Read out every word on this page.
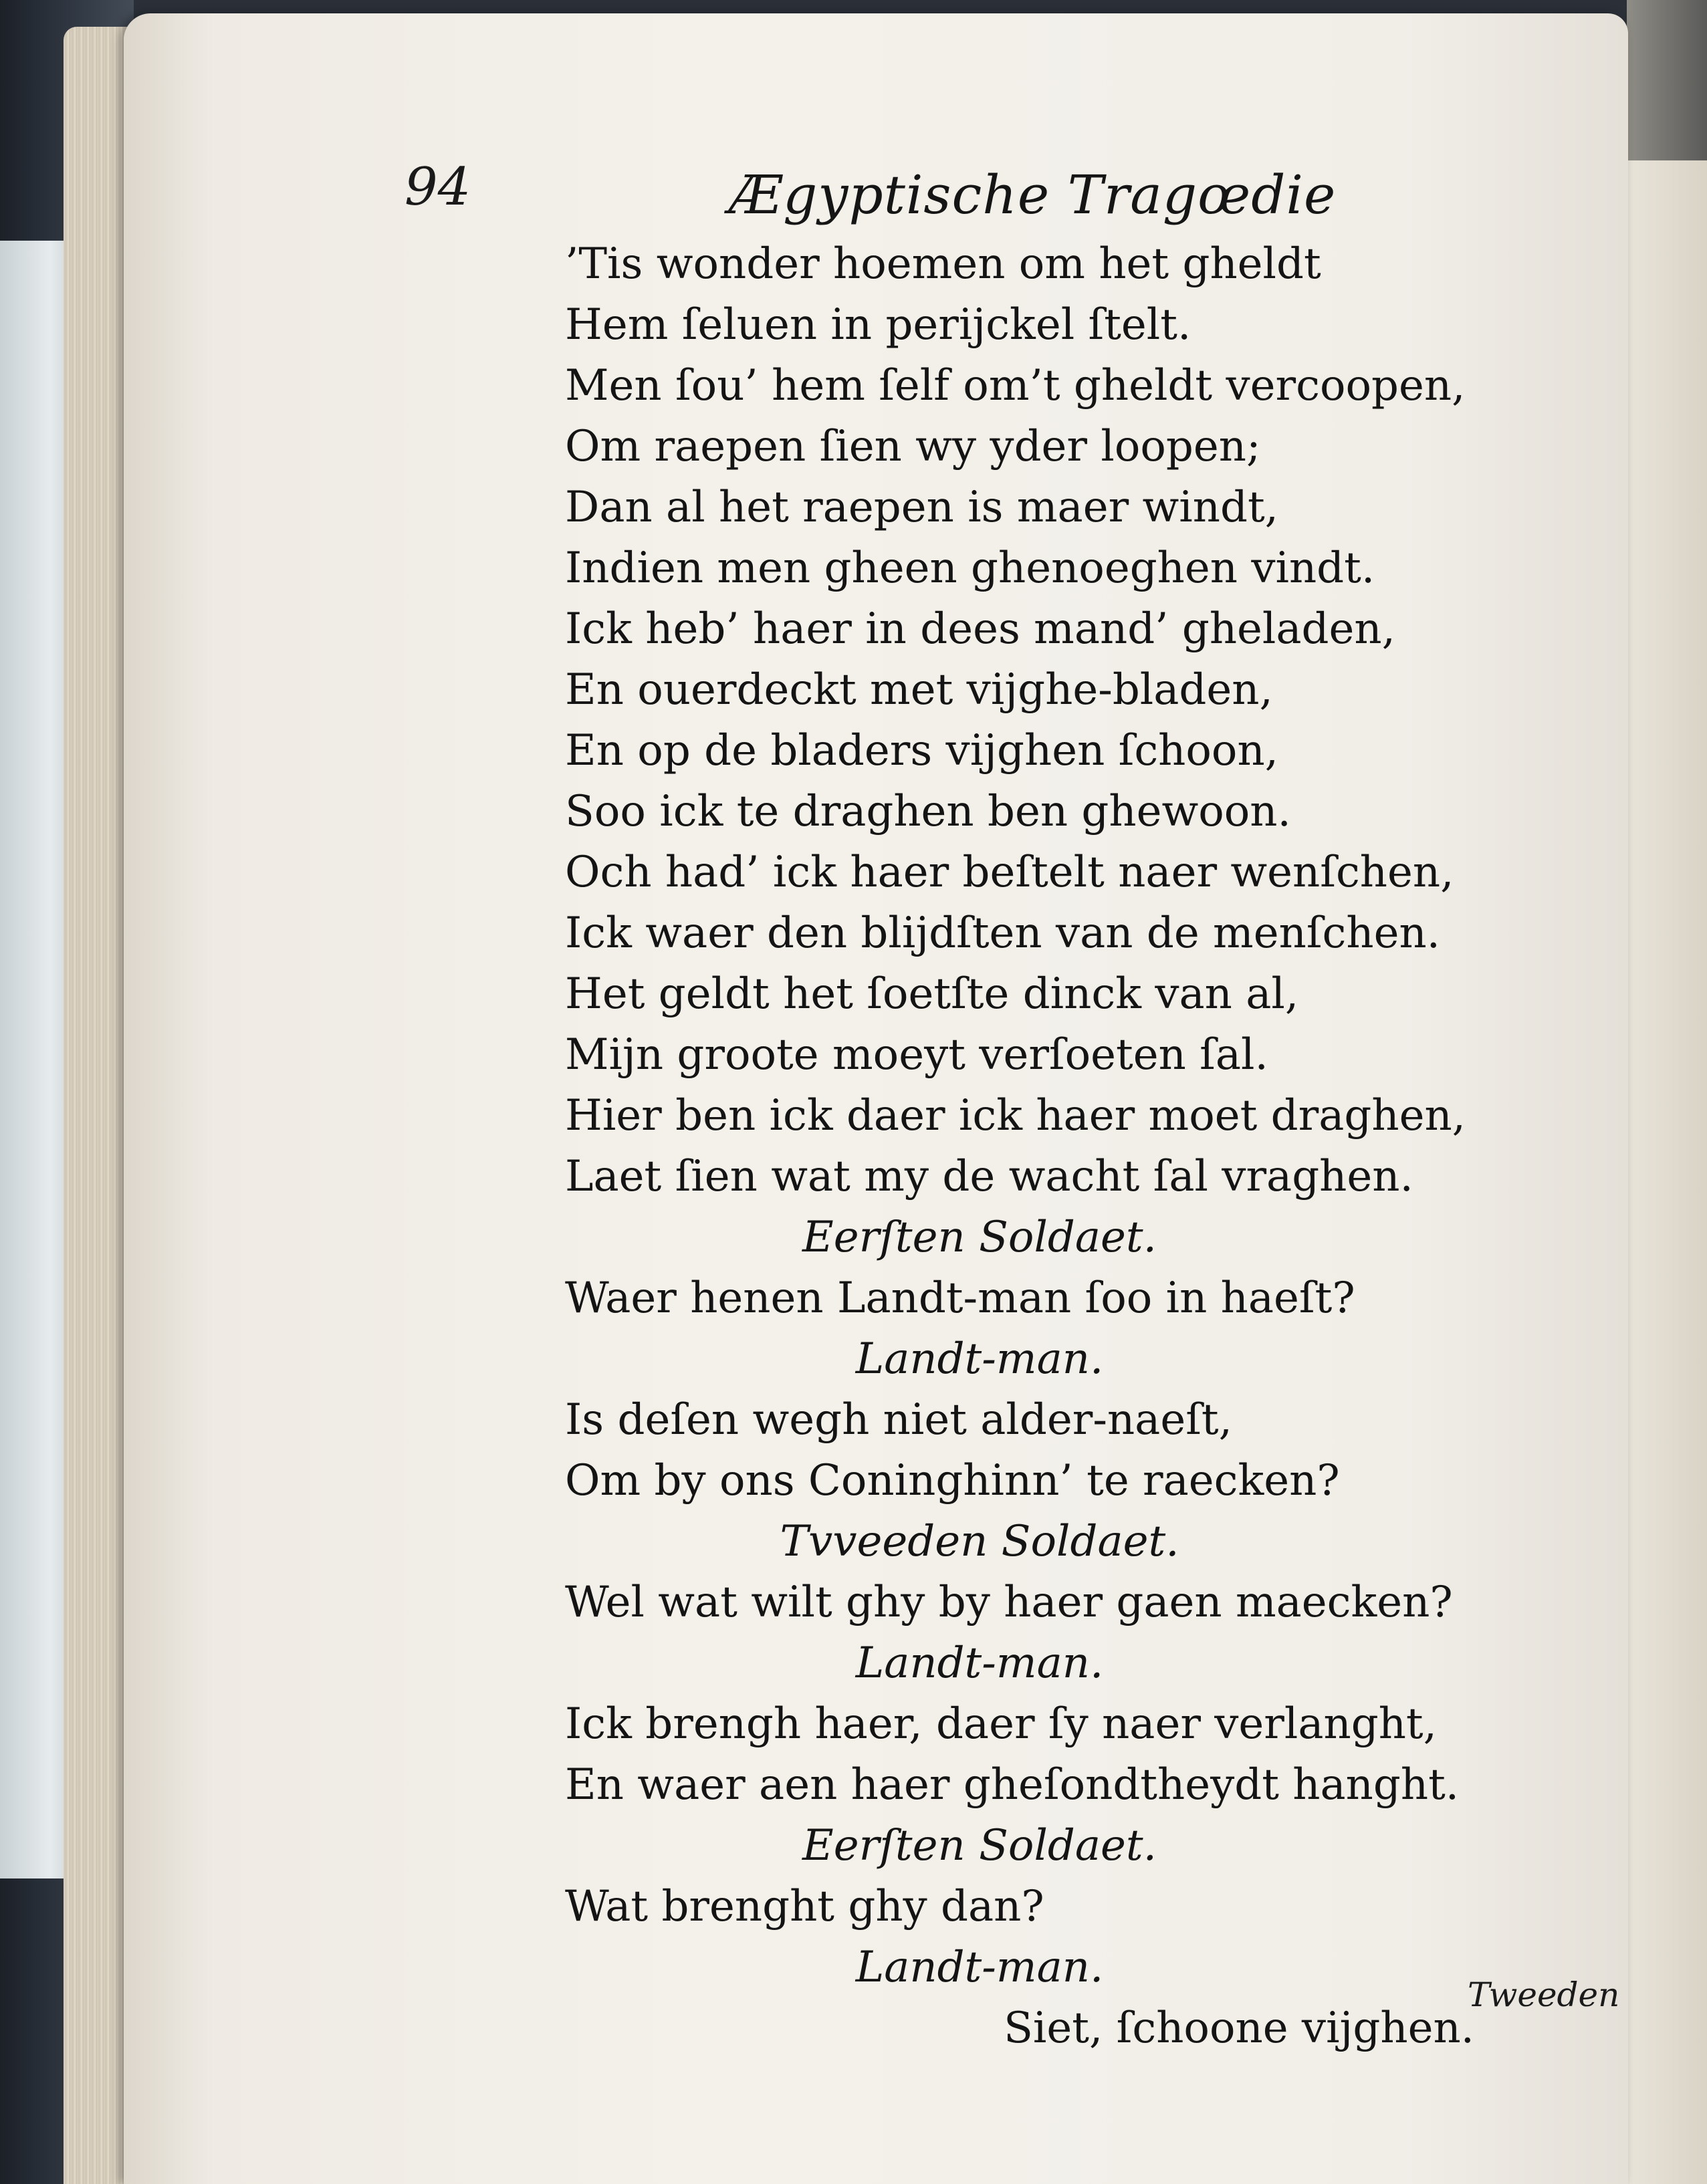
94	Ægyptische Tragœdie
’Tis wonder hoemen om het gheldt
Hem ſeluen in perijckel ſtelt.
Men ſou’ hem ſelf om’t gheldt vercoopen,
Om raepen ſien wy yder loopen;
Dan al het raepen is maer windt,
Indien men gheen ghenoeghen vindt.
Ick heb’ haer in dees mand’ gheladen,
En ouerdeckt met vijghe-bladen,
En op de bladers vijghen ſchoon,
Soo ick te draghen ben ghewoon.
Och had’ ick haer beſtelt naer wenſchen,
Ick waer den blijdſten van de menſchen.
Het geldt het ſoetſte dinck van al,
Mijn groote moeyt verſoeten ſal.
Hier ben ick daer ick haer moet draghen,
Laet ſien wat my de wacht ſal vraghen.
Eerſten Soldaet.
Waer henen Landt-man ſoo in haeſt?
Landt-man.
Is deſen wegh niet alder-naeſt,
Om by ons Coninghinn’ te raecken?
Tvveeden Soldaet.
Wel wat wilt ghy by haer gaen maecken?
Landt-man.
Ick brengh haer, daer ſy naer verlanght,
En waer aen haer gheſondtheydt hanght.
Eerſten Soldaet.
Wat brenght ghy dan?
Landt-man.
Siet, ſchoone vijghen.
Tweeden
